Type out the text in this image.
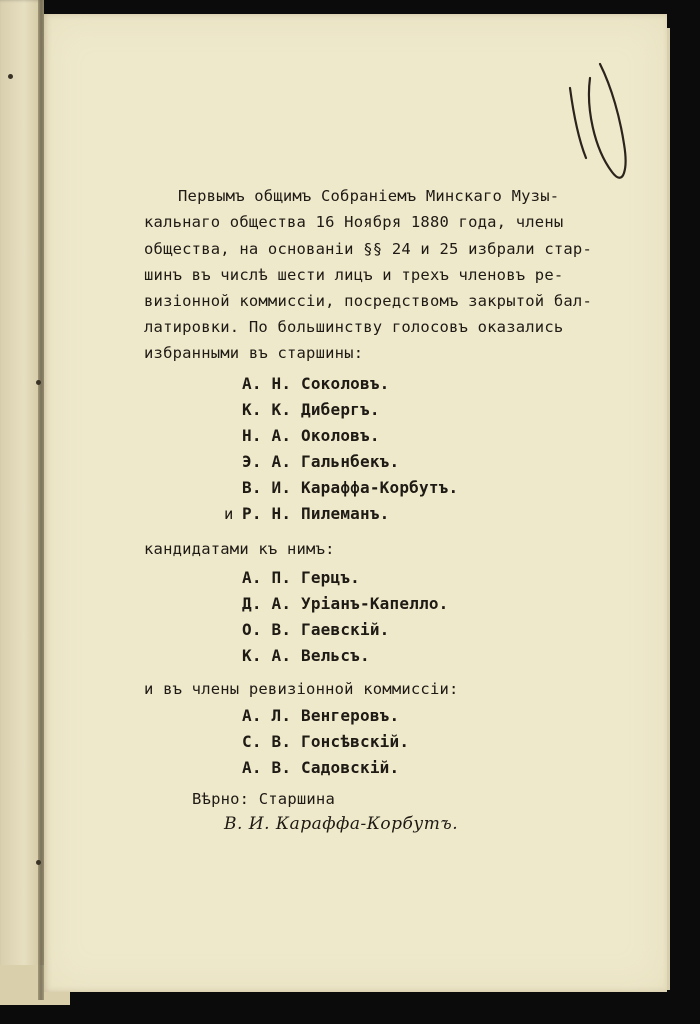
10
Первымъ общимъ Собраніемъ Минскаго Музы-
кальнаго общества 16 Ноября 1880 года, члены
общества, на основаніи §§ 24 и 25 избрали стар-
шинъ въ числѣ шести лицъ и трехъ членовъ ре-
визіонной коммиссіи, посредствомъ закрытой бал-
латировки. По большинству голосовъ оказались
избранными въ старшины:
А. Н. Соколовъ.
К. К. Дибергъ.
Н. А. Околовъ.
Э. А. Гальнбекъ.
В. И. Караффа-Корбутъ.
и Р. Н. Пилеманъ.
кандидатами къ нимъ:
А. П. Герцъ.
Д. А. Уріанъ-Капелло.
О. В. Гаевскій.
К. А. Вельсъ.
и въ члены ревизіонной коммиссіи:
А. Л. Венгеровъ.
С. В. Гонсѣвскій.
А. В. Садовскій.
Вѣрно: Старшина
В. И. Караффа-Корбутъ.
